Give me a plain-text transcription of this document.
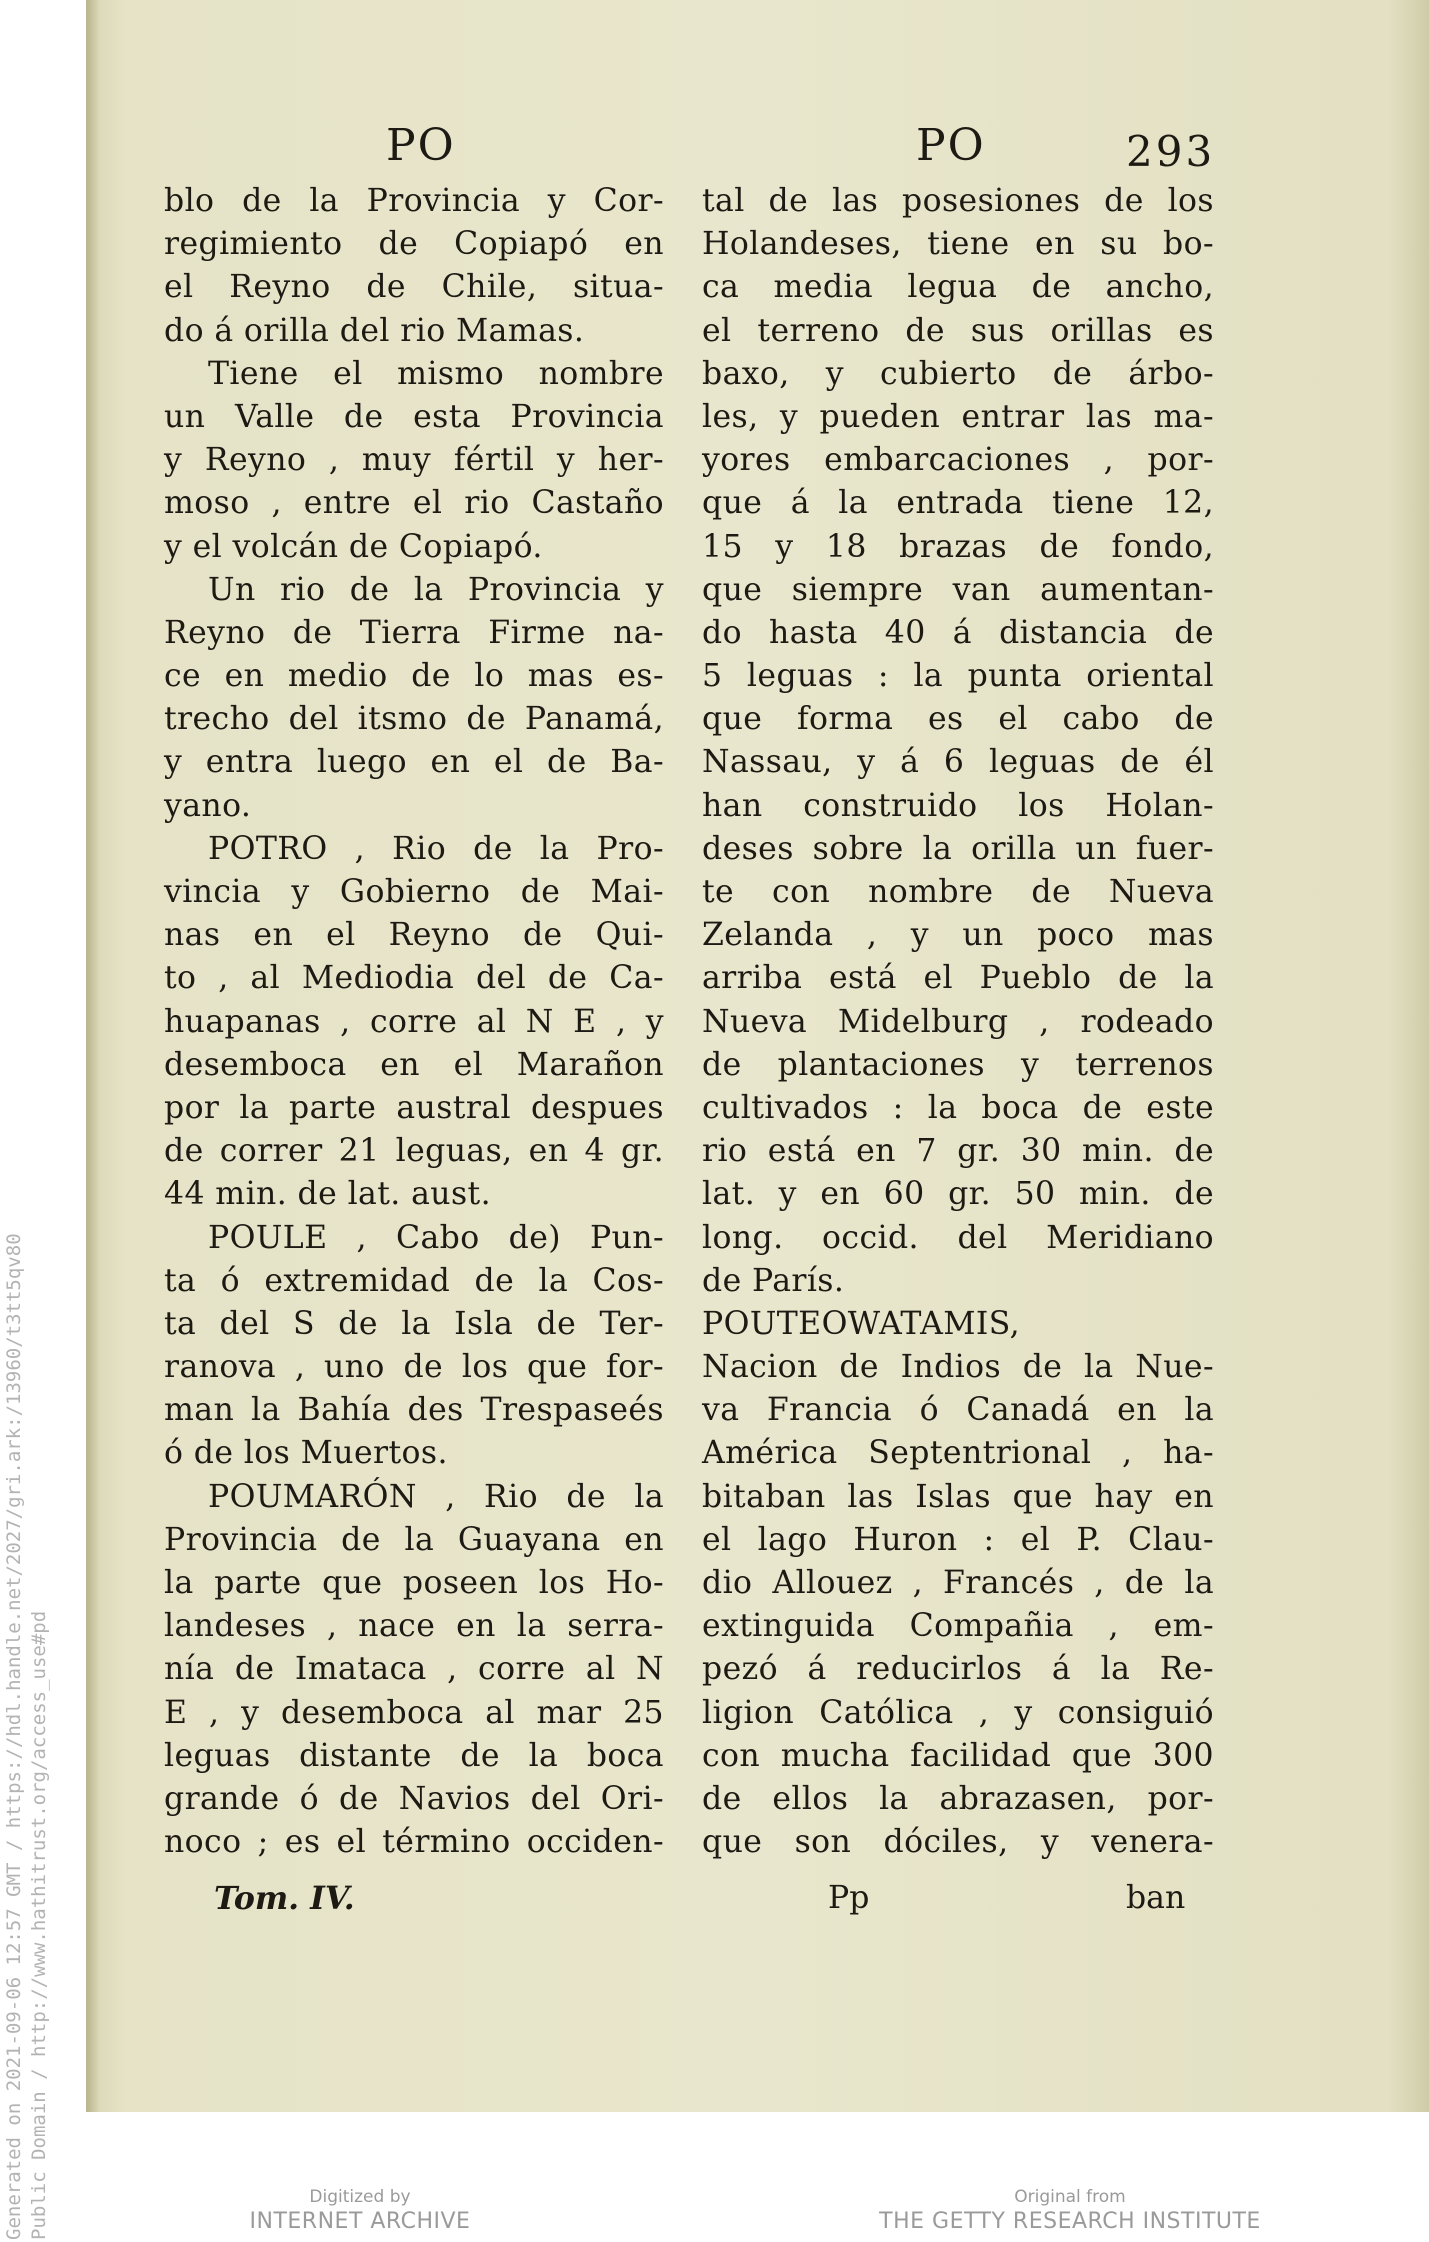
PO	PO	293
blo de la Provincia y Cor-
regimiento de Copiapó en
el Reyno de Chile, situa-
do á orilla del rio Mamas.
Tiene el mismo nombre
un Valle de esta Provincia
y Reyno , muy fértil y her-
moso , entre el rio Castaño
y el volcán de Copiapó.
Un rio de la Provincia y
Reyno de Tierra Firme na-
ce en medio de lo mas es-
trecho del itsmo de Panamá,
y entra luego en el de Ba-
yano.
POTRO , Rio de la Pro-
vincia y Gobierno de Mai-
nas en el Reyno de Qui-
to , al Mediodia del de Ca-
huapanas , corre al N E , y
desemboca en el Marañon
por la parte austral despues
de correr 21 leguas, en 4 gr.
44 min. de lat. aust.
POULE , Cabo de) Pun-
ta ó extremidad de la Cos-
ta del S de la Isla de Ter-
ranova , uno de los que for-
man la Bahía des Trespaseés
ó de los Muertos.
POUMARÓN , Rio de la
Provincia de la Guayana en
la parte que poseen los Ho-
landeses , nace en la serra-
nía de Imataca , corre al N
E , y desemboca al mar 25
leguas distante de la boca
grande ó de Navios del Ori-
noco ; es el término occiden-
tal de las posesiones de los
Holandeses, tiene en su bo-
ca media legua de ancho,
el terreno de sus orillas es
baxo, y cubierto de árbo-
les, y pueden entrar las ma-
yores embarcaciones , por-
que á la entrada tiene 12,
15 y 18 brazas de fondo,
que siempre van aumentan-
do hasta 40 á distancia de
5 leguas : la punta oriental
que forma es el cabo de
Nassau, y á 6 leguas de él
han construido los Holan-
deses sobre la orilla un fuer-
te con nombre de Nueva
Zelanda , y un poco mas
arriba está el Pueblo de la
Nueva Midelburg , rodeado
de plantaciones y terrenos
cultivados : la boca de este
rio está en 7 gr. 30 min. de
lat. y en 60 gr. 50 min. de
long. occid. del Meridiano
de París.
POUTEOWATAMIS,
Nacion de Indios de la Nue-
va Francia ó Canadá en la
América Septentrional , ha-
bitaban las Islas que hay en
el lago Huron : el P. Clau-
dio Allouez , Francés , de la
extinguida Compañia , em-
pezó á reducirlos á la Re-
ligion Católica , y consiguió
con mucha facilidad que 300
de ellos la abrazasen, por-
que son dóciles, y venera-
Tom. IV.	Pp	ban
Generated on 2021-09-06 12:57 GMT / https://hdl.handle.net/2027/gri.ark:/13960/t3tt5qv80 Public Domain / http://www.hathitrust.org/access_use#pd	Digitized by
INTERNET ARCHIVE
Original from
THE GETTY RESEARCH INSTITUTE
